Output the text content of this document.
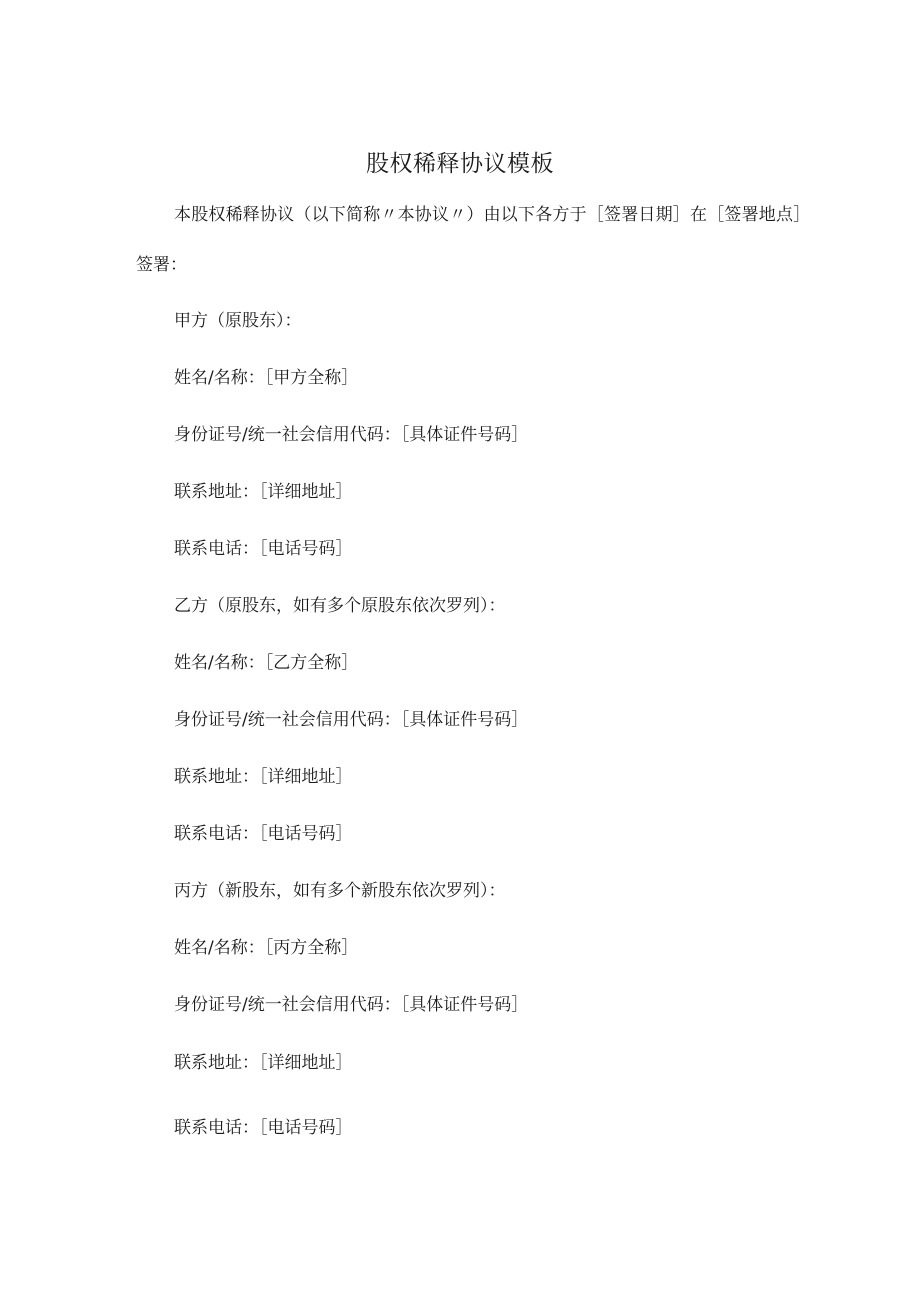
股权稀释协议模板
本股权稀释协议（以下简称〃本协议〃）由以下各方于［签署日期］在［签署地点］
签署：
甲方（原股东）：
姓名/名称：［甲方全称］
身份证号/统一社会信用代码：［具体证件号码］
联系地址：［详细地址］
联系电话：［电话号码］
乙方（原股东，如有多个原股东依次罗列）：
姓名/名称：［乙方全称］
身份证号/统一社会信用代码：［具体证件号码］
联系地址：［详细地址］
联系电话：［电话号码］
丙方（新股东，如有多个新股东依次罗列）：
姓名/名称：［丙方全称］
身份证号/统一社会信用代码：［具体证件号码］
联系地址：［详细地址］
联系电话：［电话号码］
